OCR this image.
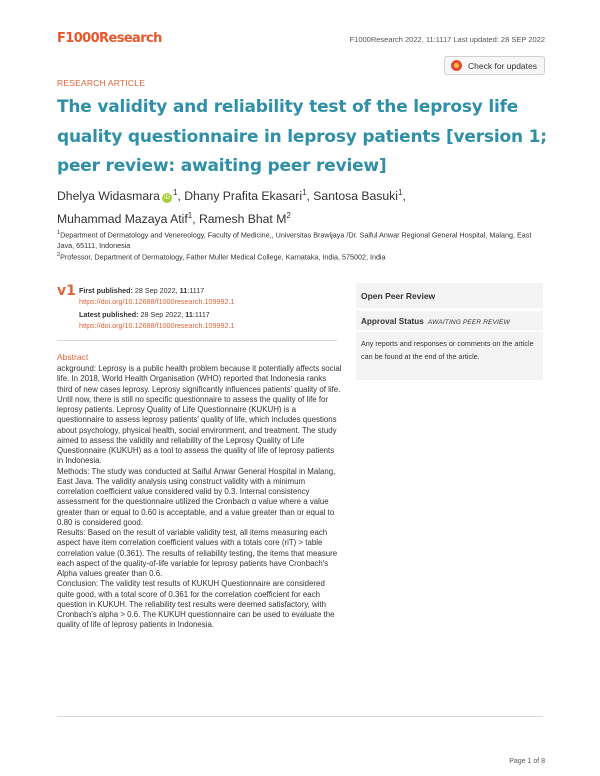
F1000Research	F1000Research 2022, 11:1117 Last updated: 28 SEP 2022
RESEARCH ARTICLE
Check for updates
The validity and reliability test of the leprosy life quality questionnaire in leprosy patients [version 1; peer review: awaiting peer review]
Dhelya Widasmara $iD^1$, Dhany Prafita Ekasari$^1$, Santosa Basuki$^1$,
Muhammad Mazaya Atif$^1$, Ramesh Bhat $M^2$
$^1$Department of Dermatology and Venereology, Faculty of Medicine,, Universitas Brawijaya /Dr. Saiful Anwar Regional General Hospital, Malang, East Java, 65111, Indonesia
$^2$Professor, Department of Dermatology, Father Muller Medical College, Karnataka, India, 575002, India
v1 First published: 28 Sep 2022, 11:1117
https://doi.org/10.12688/f1000research.109992.1
Latest published: 28 Sep 2022, 11:1117
https://doi.org/10.12688/f1000research.109992.1
Abstract

ackground: Leprosy is a public health problem because it potentially affects social life. In 2018, World Health Organisation (WHO) reported that Indonesia ranks third of new cases leprosy. Leprosy significantly influences patients' quality of life. Until now, there is still no specific questionnaire to assess the quality of life for leprosy patients. Leprosy Quality of Life Questionnaire (KUKUH) is a questionnaire to assess leprosy patients' quality of life, which includes questions about psychology, physical health, social environment, and treatment. The study aimed to assess the validity and reliability of the Leprosy Quality of Life Questionnaire (KUKUH) as a tool to assess the quality of life of leprosy patients in Indonesia.

Methods: The study was conducted at Saiful Anwar General Hospital in Malang, East Java. The validity analysis using construct validity with a minimum correlation coefficient value considered valid by 0.3. Internal consistency assessment for the questionnaire utilized the Cronbach α value where a value greater than or equal to 0.60 is acceptable, and a value greater than or equal to 0.80 is considered good.

Results: Based on the result of variable validity test, all items measuring each aspect have item correlation coefficient values with a totals core (riT) > table correlation value (0.361). The results of reliability testing, the items that measure each aspect of the quality-of-life variable for leprosy patients have Cronbach's Alpha values greater than 0.6.

Conclusion: The validity test results of KUKUH Questionnaire are considered quite good, with a total score of 0.361 for the correlation coefficient for each question in KUKUH. The reliability test results were deemed satisfactory, with Cronbach's alpha > 0.6. The KUKUH questionnaire can be used to evaluate the quality of life of leprosy patients in Indonesia.

Open Peer Review
Approval Status AWAITING PEER REVIEW
Any reports and responses or comments on the article can be found at the end of the article.
Page 1 of 8
